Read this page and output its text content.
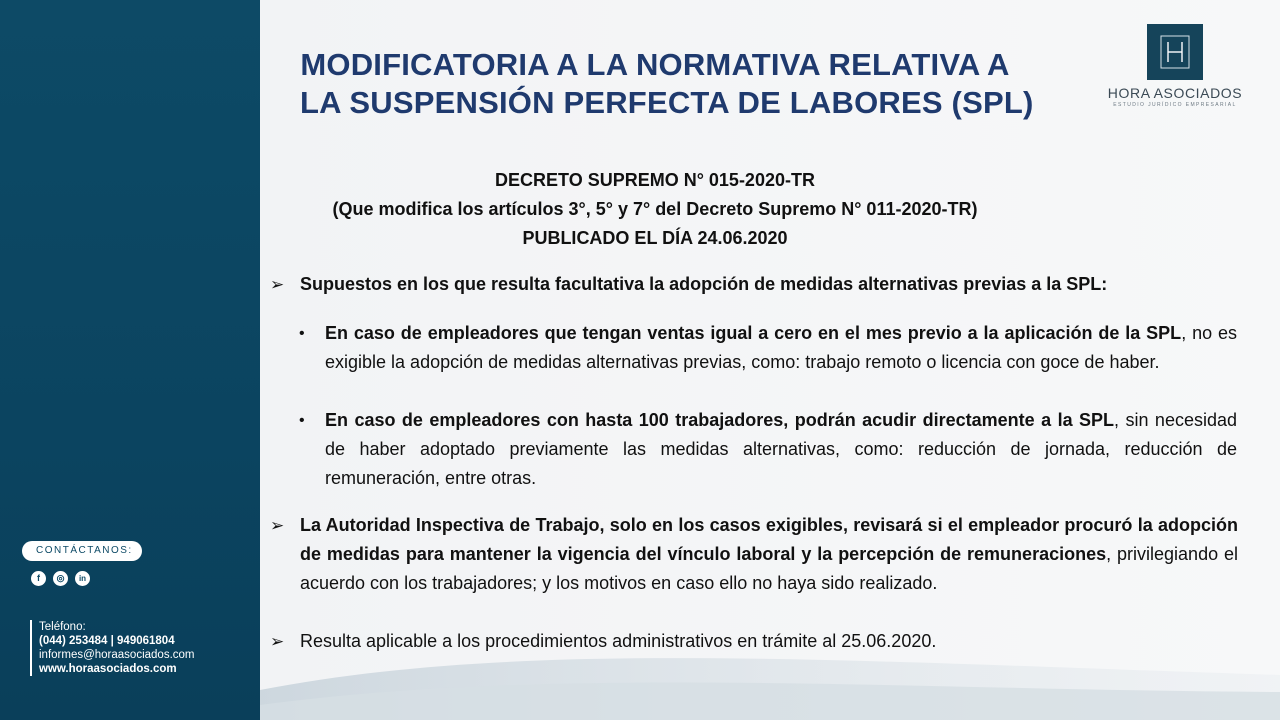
MODIFICATORIA A LA NORMATIVA RELATIVA A
LA SUSPENSIÓN PERFECTA DE LABORES (SPL)	HORA ASOCIADOS
ESTUDIO JURÍDICO EMPRESARIAL
DECRETO SUPREMO N° 015-2020-TR
(Que modifica los artículos 3°, 5° y 7° del Decreto Supremo N° 011-2020-TR)
PUBLICADO EL DÍA 24.06.2020
➢ Supuestos en los que resulta facultativa la adopción de medidas alternativas previas a la SPL:
• En caso de empleadores que tengan ventas igual a cero en el mes previo a la aplicación de la SPL, no es exigible la adopción de medidas alternativas previas, como: trabajo remoto o licencia con goce de haber.
• En caso de empleadores con hasta 100 trabajadores, podrán acudir directamente a la SPL, sin necesidad de haber adoptado previamente las medidas alternativas, como: reducción de jornada, reducción de remuneración, entre otras.
➢ La Autoridad Inspectiva de Trabajo, solo en los casos exigibles, revisará si el empleador procuró la adopción de medidas para mantener la vigencia del vínculo laboral y la percepción de remuneraciones, privilegiando el acuerdo con los trabajadores; y los motivos en caso ello no haya sido realizado.
➢ Resulta aplicable a los procedimientos administrativos en trámite al 25.06.2020.
CONTÁCTANOS:
f	◎	in
Teléfono:
(044) 253484 | 949061804
informes@horaasociados.com
www.horaasociados.com
